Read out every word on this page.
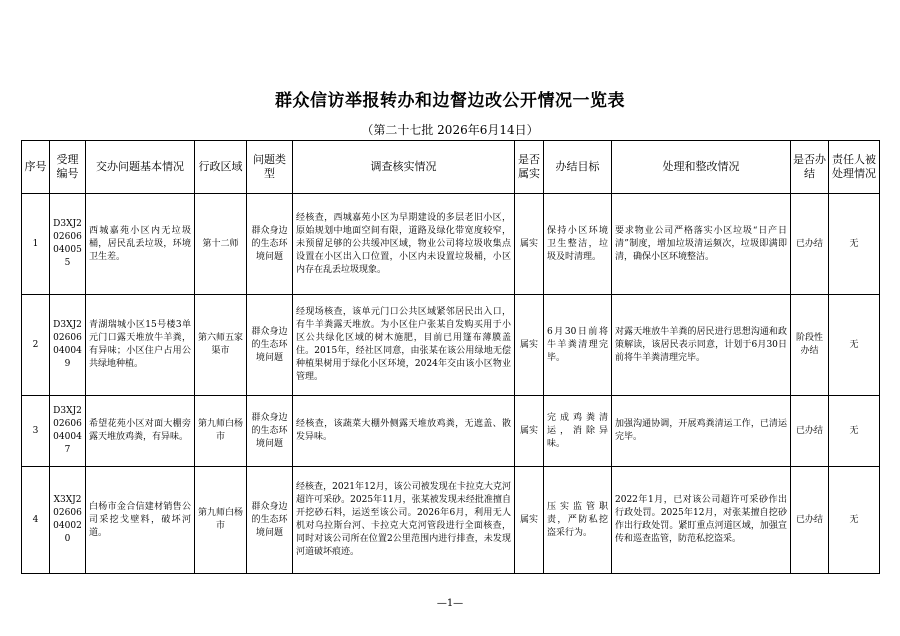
群众信访举报转办和边督边改公开情况一览表
（第二十七批 2026年6月14日）
序号	受理编号	交办问题基本情况	行政区域	问题类型	调查核实情况	是否属实	办结目标	处理和整改情况	是否办结	责任人被处理情况
1	D3XJ202606040055	西城嘉苑小区内无垃圾桶，居民乱丢垃圾，环境卫生差。	第十二师	群众身边的生态环境问题	经核查，西城嘉苑小区为早期建设的多层老旧小区，原始规划中地面空间有限，道路及绿化带宽度较窄，未预留足够的公共缓冲区域，物业公司将垃圾收集点设置在小区出入口位置，小区内未设置垃圾桶，小区内存在乱丢垃圾现象。	属实	保持小区环境卫生整洁，垃圾及时清理。	要求物业公司严格落实小区垃圾“日产日清”制度，增加垃圾清运频次，垃圾即满即清，确保小区环境整洁。	已办结	无
2	D3XJ202606040049	青湖瑞城小区15号楼3单元门口露天堆放牛羊粪，有异味；小区住户占用公共绿地种植。	第六师五家渠市	群众身边的生态环境问题	经现场核查，该单元门口公共区域紧邻居民出入口，有牛羊粪露天堆放。为小区住户张某自发购买用于小区公共绿化区域的树木施肥，目前已用篷布薄膜盖住。2015年，经社区同意，由张某在该公用绿地无偿种植果树用于绿化小区环境，2024年交由该小区物业管理。	属实	6月30日前将牛羊粪清理完毕。	对露天堆放牛羊粪的居民进行思想沟通和政策解读，该居民表示同意，计划于6月30日前将牛羊粪清理完毕。	阶段性办结	无
3	D3XJ202606040047	希望花苑小区对面大棚旁露天堆放鸡粪，有异味。	第九师白杨市	群众身边的生态环境问题	经核查，该蔬菜大棚外侧露天堆放鸡粪，无遮盖、散发异味。	属实	完成鸡粪清运，消除异味。	加强沟通协调，开展鸡粪清运工作，已清运完毕。	已办结	无
4	X3XJ202606040020	白杨市金合信建材销售公司采挖戈壁料，破坏河道。	第九师白杨市	群众身边的生态环境问题	经核查，2021年12月，该公司被发现在卡拉克大克河超许可采砂。2025年11月，张某被发现未经批准擅自开挖砂石料，运送至该公司。2026年6月，利用无人机对乌拉斯台河、卡拉克大克河管段进行全面核查，同时对该公司所在位置2公里范围内进行排查，未发现河道破坏痕迹。	属实	压实监管职责，严防私挖盗采行为。	2022年1月，已对该公司超许可采砂作出行政处罚。2025年12月，对张某擅自挖砂作出行政处罚。紧盯重点河道区域，加强宣传和巡查监管，防范私挖盗采。	已办结	无
—1—
